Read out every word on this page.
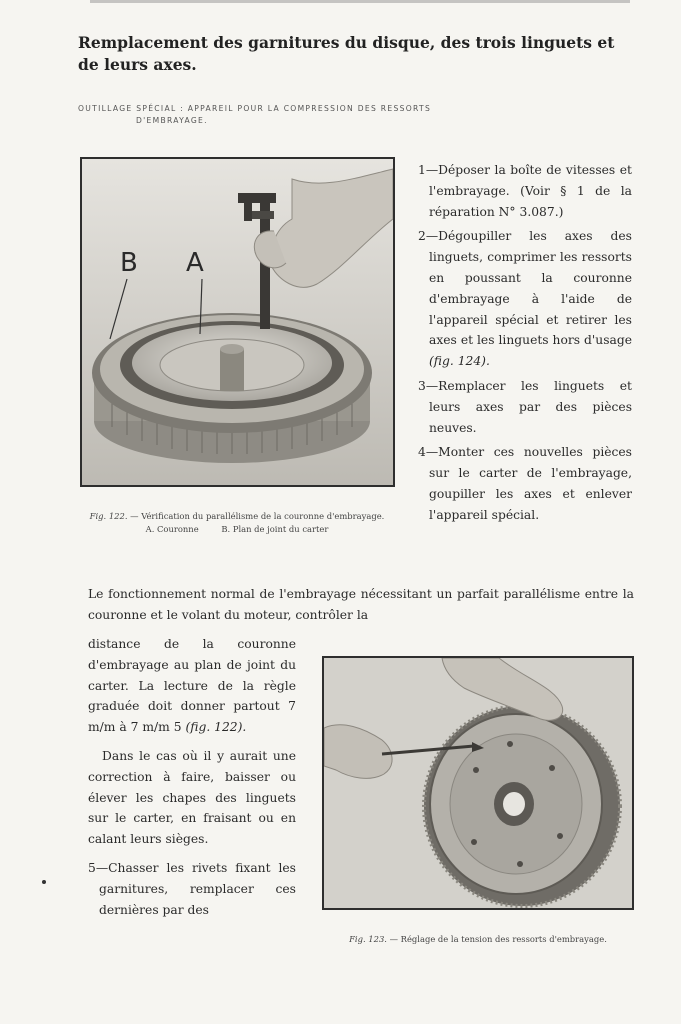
Remplacement des garnitures du disque, des trois linguets et de leurs axes.
OUTILLAGE SPÉCIAL : APPAREIL POUR LA COMPRESSION DES RESSORTS
D'EMBRAYAGE.
B A
Fig. 122. — Vérification du parallélisme de la couronne d'embrayage.
A. Couronne	B. Plan de joint du carter

1—Déposer la boîte de vitesses et l'embrayage. (Voir § 1 de la réparation N° 3.087.)

2—Dégoupiller les axes des linguets, comprimer les ressorts en poussant la couronne d'embrayage à l'aide de l'appareil spécial et retirer les axes et les linguets hors d'usage (fig. 124).

3—Remplacer les linguets et leurs axes par des pièces neuves.

4—Monter ces nouvelles pièces sur le carter de l'embrayage, goupiller les axes et enlever l'appareil spécial.

Le fonctionnement normal de l'embrayage nécessitant un parfait parallélisme entre la couronne et le volant du moteur, contrôler la

distance de la couronne d'embrayage au plan de joint du carter. La lecture de la règle graduée doit donner partout 7 m/m à 7 m/m 5 (fig. 122).

Dans le cas où il y aurait une correction à faire, baisser ou élever les chapes des linguets sur le carter, en fraisant ou en calant leurs sièges.

5—Chasser les rivets fixant les garnitures, remplacer ces dernières par des

Fig. 123. — Réglage de la tension des ressorts d'embrayage.
